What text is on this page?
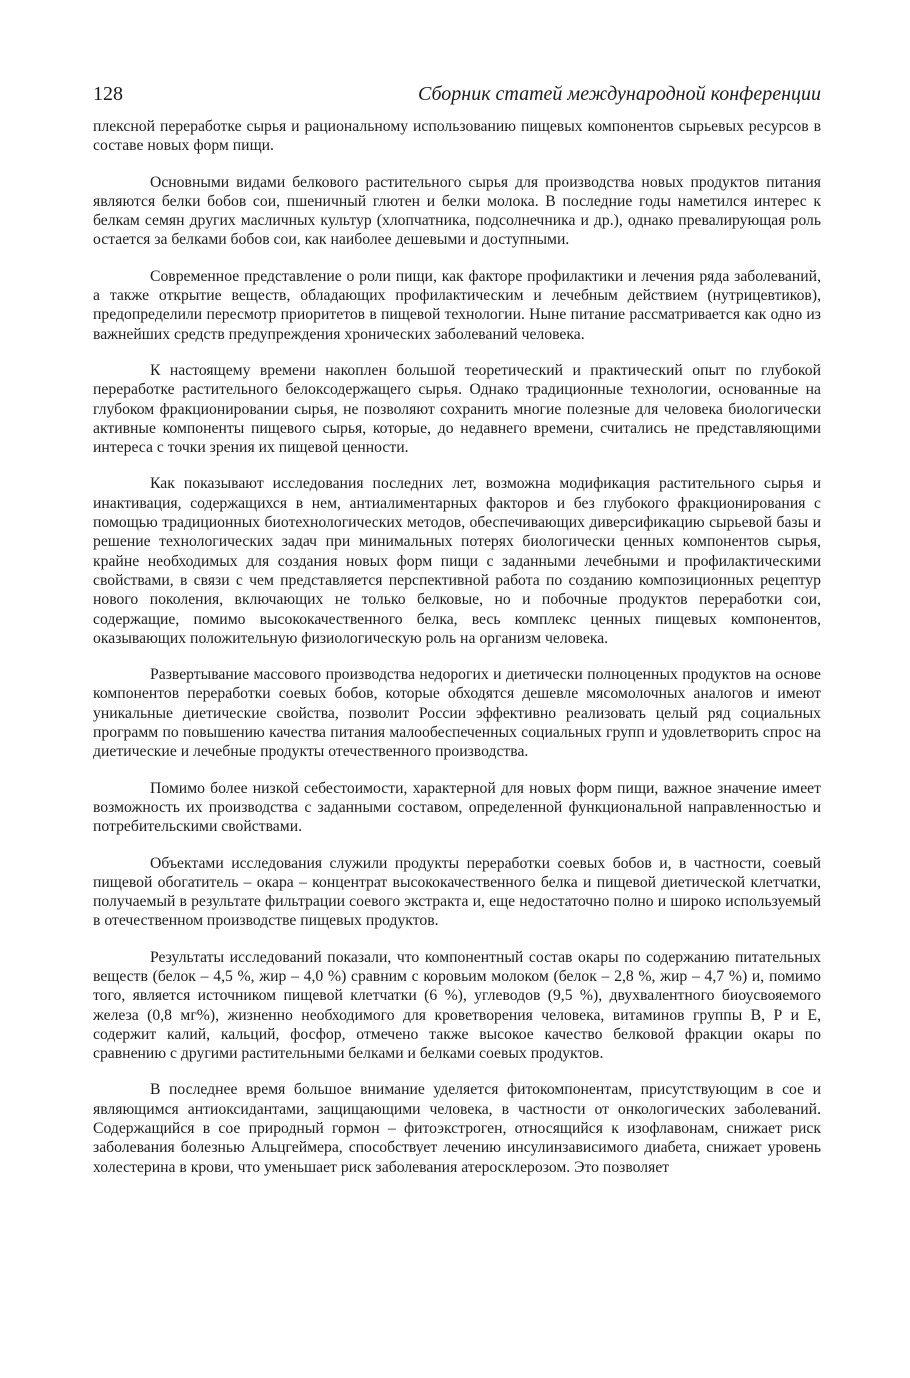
128	Сборник статей международной конференции

плексной переработке сырья и рациональному использованию пищевых компонентов сырьевых ресурсов в составе новых форм пищи.

Основными видами белкового растительного сырья для производства новых продуктов питания являются белки бобов сои, пшеничный глютен и белки молока. В последние годы наметился интерес к белкам семян других масличных культур (хлопчатника, подсолнечника и др.), однако превалирующая роль остается за белками бобов сои, как наиболее дешевыми и доступными.

Современное представление о роли пищи, как факторе профилактики и лечения ряда заболеваний, а также открытие веществ, обладающих профилактическим и лечебным действием (нутрицевтиков), предопределили пересмотр приоритетов в пищевой технологии. Ныне питание рассматривается как одно из важнейших средств предупреждения хронических заболеваний человека.

К настоящему времени накоплен большой теоретический и практический опыт по глубокой переработке растительного белоксодержащего сырья. Однако традиционные технологии, основанные на глубоком фракционировании сырья, не позволяют сохранить многие полезные для человека биологически активные компоненты пищевого сырья, которые, до недавнего времени, считались не представляющими интереса с точки зрения их пищевой ценности.

Как показывают исследования последних лет, возможна модификация растительного сырья и инактивация, содержащихся в нем, антиалиментарных факторов и без глубокого фракционирования с помощью традиционных биотехнологических методов, обеспечивающих диверсификацию сырьевой базы и решение технологических задач при минимальных потерях биологически ценных компонентов сырья, крайне необходимых для создания новых форм пищи с заданными лечебными и профилактическими свойствами, в связи с чем представляется перспективной работа по созданию композиционных рецептур нового поколения, включающих не только белковые, но и побочные продуктов переработки сои, содержащие, помимо высококачественного белка, весь комплекс ценных пищевых компонентов, оказывающих положительную физиологическую роль на организм человека.

Развертывание массового производства недорогих и диетически полноценных продуктов на основе компонентов переработки соевых бобов, которые обходятся дешевле мясомолочных аналогов и имеют уникальные диетические свойства, позволит России эффективно реализовать целый ряд социальных программ по повышению качества питания малообеспеченных социальных групп и удовлетворить спрос на диетические и лечебные продукты отечественного производства.

Помимо более низкой себестоимости, характерной для новых форм пищи, важное значение имеет возможность их производства с заданными составом, определенной функциональной направленностью и потребительскими свойствами.

Объектами исследования служили продукты переработки соевых бобов и, в частности, соевый пищевой обогатитель – окара – концентрат высококачественного белка и пищевой диетической клетчатки, получаемый в результате фильтрации соевого экстракта и, еще недостаточно полно и широко используемый в отечественном производстве пищевых продуктов.

Результаты исследований показали, что компонентный состав окары по содержанию питательных веществ (белок – 4,5 %, жир – 4,0 %) сравним с коровьим молоком (белок – 2,8 %, жир – 4,7 %) и, помимо того, является источником пищевой клетчатки (6 %), углеводов (9,5 %), двухвалентного биоусвояемого железа (0,8 мг%), жизненно необходимого для кроветворения человека, витаминов группы В, Р и Е, содержит калий, кальций, фосфор, отмечено также высокое качество белковой фракции окары по сравнению с другими растительными белками и белками соевых продуктов.

В последнее время большое внимание уделяется фитокомпонентам, присутствующим в сое и являющимся антиоксидантами, защищающими человека, в частности от онкологических заболеваний. Содержащийся в сое природный гормон – фитоэкстроген, относящийся к изофлавонам, снижает риск заболевания болезнью Альцгеймера, способствует лечению инсулинзависимого диабета, снижает уровень холестерина в крови, что уменьшает риск заболевания атеросклерозом. Это позволяет
